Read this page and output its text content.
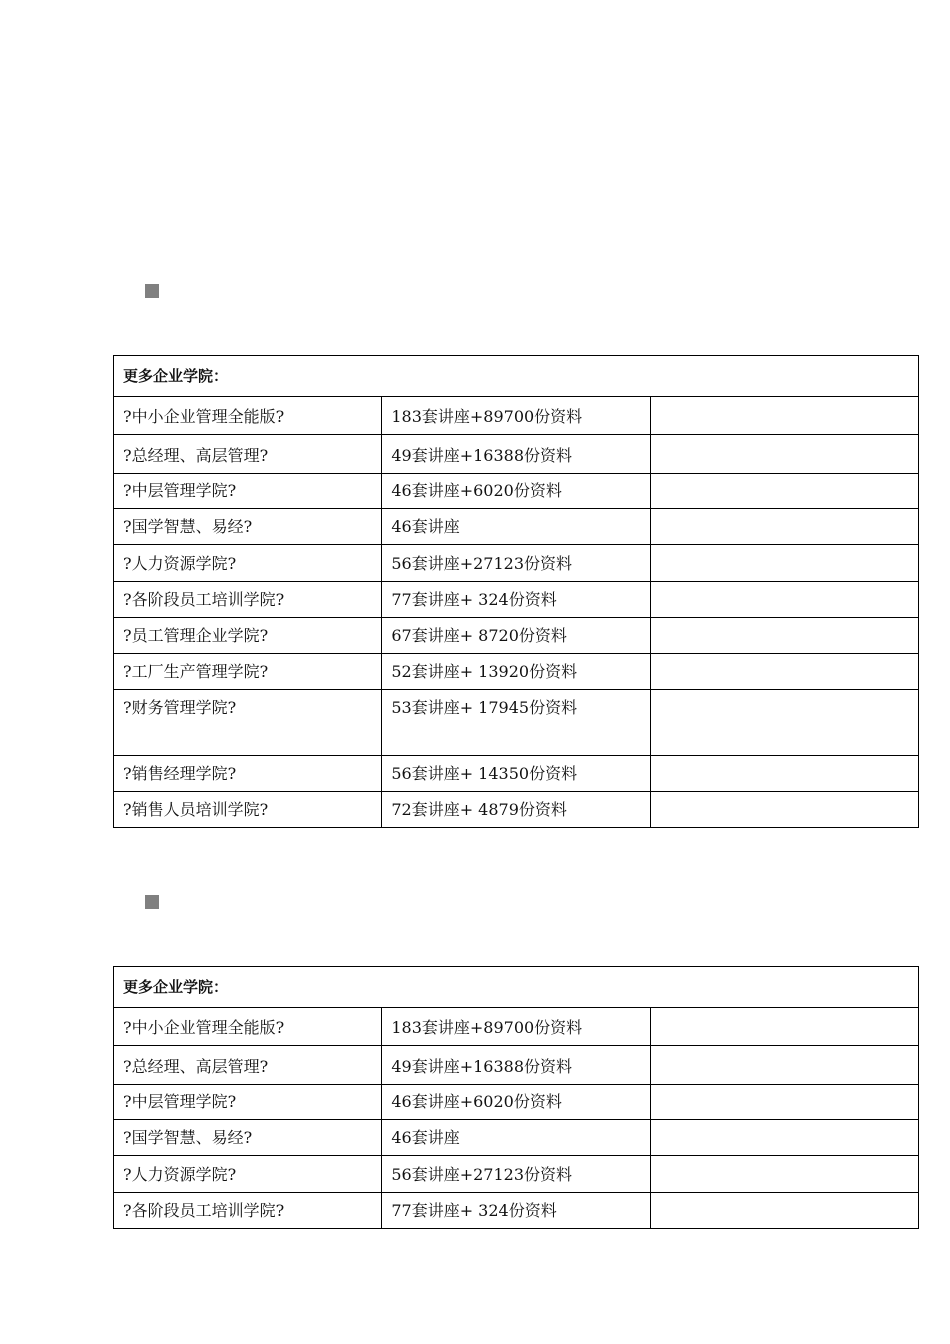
更多企业学院：		
?中小企业管理全能版?	183套讲座+89700份资料	
?总经理、高层管理?	49套讲座+16388份资料	
?中层管理学院?	46套讲座+6020份资料	
?国学智慧、易经?	46套讲座	
?人力资源学院?	56套讲座+27123份资料	
?各阶段员工培训学院?	77套讲座+ 324份资料	
?员工管理企业学院?	67套讲座+ 8720份资料	
?工厂生产管理学院?	52套讲座+ 13920份资料	
?财务管理学院?	53套讲座+ 17945份资料	
?销售经理学院?	56套讲座+ 14350份资料	
?销售人员培训学院?	72套讲座+ 4879份资料	
更多企业学院：		
?中小企业管理全能版?	183套讲座+89700份资料	
?总经理、高层管理?	49套讲座+16388份资料	
?中层管理学院?	46套讲座+6020份资料	
?国学智慧、易经?	46套讲座	
?人力资源学院?	56套讲座+27123份资料	
?各阶段员工培训学院?	77套讲座+ 324份资料	
